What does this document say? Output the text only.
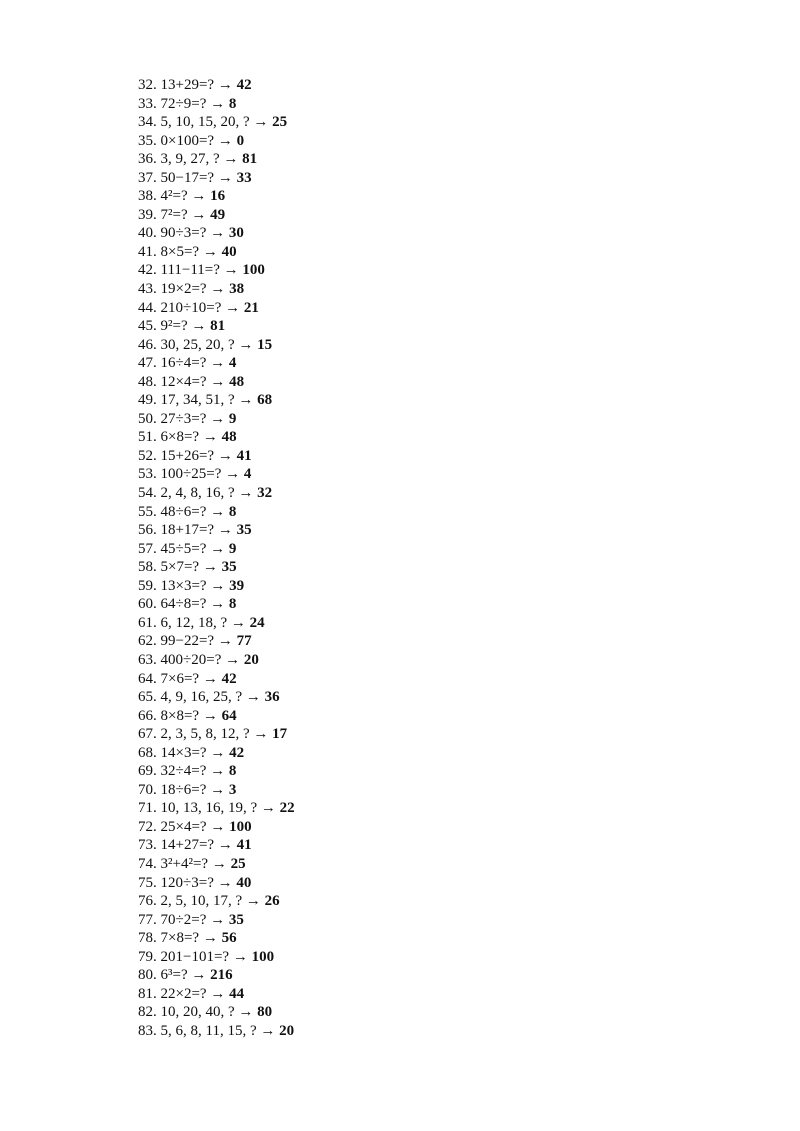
32. 13+29=? → 42
33. 72÷9=? → 8
34. 5, 10, 15, 20, ? → 25
35. 0×100=? → 0
36. 3, 9, 27, ? → 81
37. 50−17=? → 33
38. 4²=? → 16
39. 7²=? → 49
40. 90÷3=? → 30
41. 8×5=? → 40
42. 111−11=? → 100
43. 19×2=? → 38
44. 210÷10=? → 21
45. 9²=? → 81
46. 30, 25, 20, ? → 15
47. 16÷4=? → 4
48. 12×4=? → 48
49. 17, 34, 51, ? → 68
50. 27÷3=? → 9
51. 6×8=? → 48
52. 15+26=? → 41
53. 100÷25=? → 4
54. 2, 4, 8, 16, ? → 32
55. 48÷6=? → 8
56. 18+17=? → 35
57. 45÷5=? → 9
58. 5×7=? → 35
59. 13×3=? → 39
60. 64÷8=? → 8
61. 6, 12, 18, ? → 24
62. 99−22=? → 77
63. 400÷20=? → 20
64. 7×6=? → 42
65. 4, 9, 16, 25, ? → 36
66. 8×8=? → 64
67. 2, 3, 5, 8, 12, ? → 17
68. 14×3=? → 42
69. 32÷4=? → 8
70. 18÷6=? → 3
71. 10, 13, 16, 19, ? → 22
72. 25×4=? → 100
73. 14+27=? → 41
74. 3²+4²=? → 25
75. 120÷3=? → 40
76. 2, 5, 10, 17, ? → 26
77. 70÷2=? → 35
78. 7×8=? → 56
79. 201−101=? → 100
80. 6³=? → 216
81. 22×2=? → 44
82. 10, 20, 40, ? → 80
83. 5, 6, 8, 11, 15, ? → 20
